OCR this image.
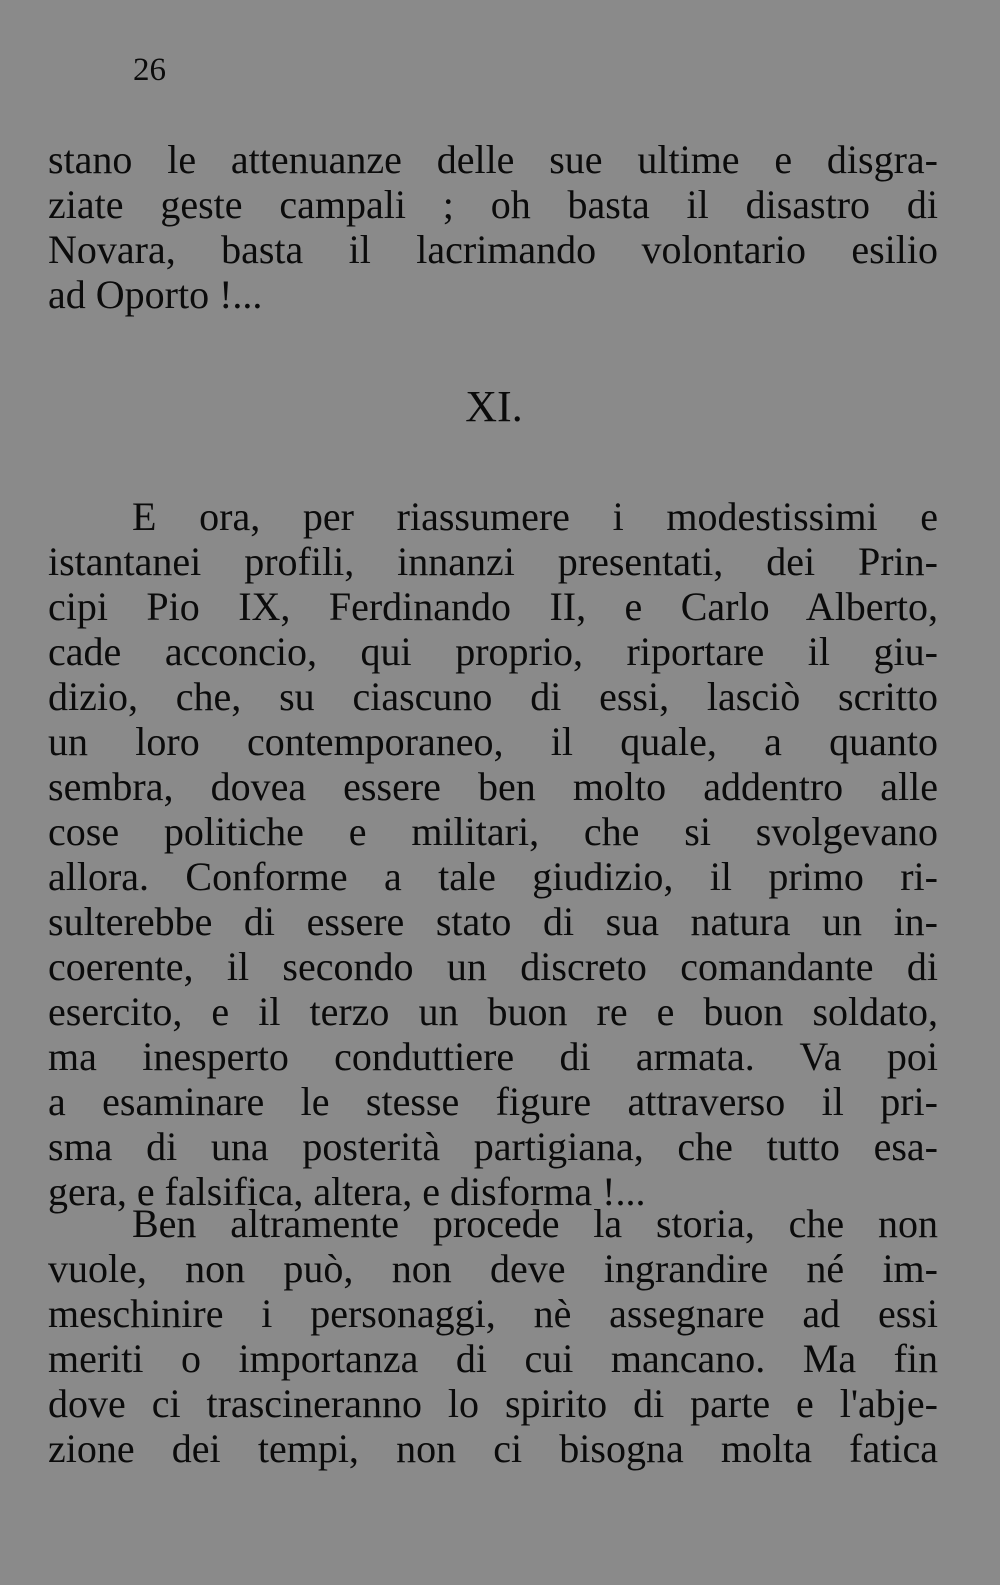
26
stano le attenuanze delle sue ultime e disgra-
ziate geste campali ; oh basta il disastro di
Novara, basta il lacrimando volontario esilio
ad Oporto !...
XI.
E ora, per riassumere i modestissimi e
istantanei profili, innanzi presentati, dei Prin-
cipi Pio IX, Ferdinando II, e Carlo Alberto,
cade acconcio, qui proprio, riportare il giu-
dizio, che, su ciascuno di essi, lasciò scritto
un loro contemporaneo, il quale, a quanto
sembra, dovea essere ben molto addentro alle
cose politiche e militari, che si svolgevano
allora. Conforme a tale giudizio, il primo ri-
sulterebbe di essere stato di sua natura un in-
coerente, il secondo un discreto comandante di
esercito, e il terzo un buon re e buon soldato,
ma inesperto conduttiere di armata. Va poi
a esaminare le stesse figure attraverso il pri-
sma di una posterità partigiana, che tutto esa-
gera, e falsifica, altera, e disforma !...
Ben altramente procede la storia, che non
vuole, non può, non deve ingrandire né im-
meschinire i personaggi, nè assegnare ad essi
meriti o importanza di cui mancano. Ma fin
dove ci trascineranno lo spirito di parte e l'abje-
zione dei tempi, non ci bisogna molta fatica
